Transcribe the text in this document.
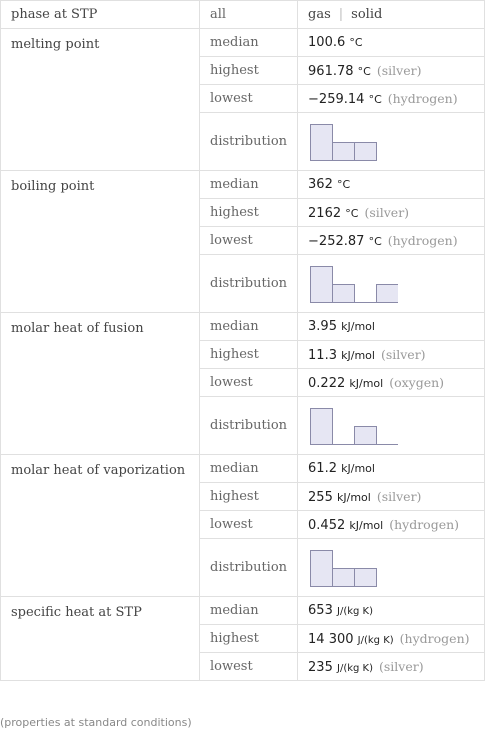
phase at STP	all	gas | solid
melting point	median	100.6 °C
	highest	961.78 °C (silver)
	lowest	−259.14 °C (hydrogen)
	distribution	

boiling point	median	362 °C
	highest	2162 °C (silver)
	lowest	−252.87 °C (hydrogen)
	distribution	

molar heat of fusion	median	3.95 kJ/mol
	highest	11.3 kJ/mol (silver)
	lowest	0.222 kJ/mol (oxygen)
	distribution	

molar heat of vaporization	median	61.2 kJ/mol
	highest	255 kJ/mol (silver)
	lowest	0.452 kJ/mol (hydrogen)
	distribution	

specific heat at STP	median	653 J/(kg K)
	highest	14 300 J/(kg K) (hydrogen)
	lowest	235 J/(kg K) (silver)
(properties at standard conditions)
